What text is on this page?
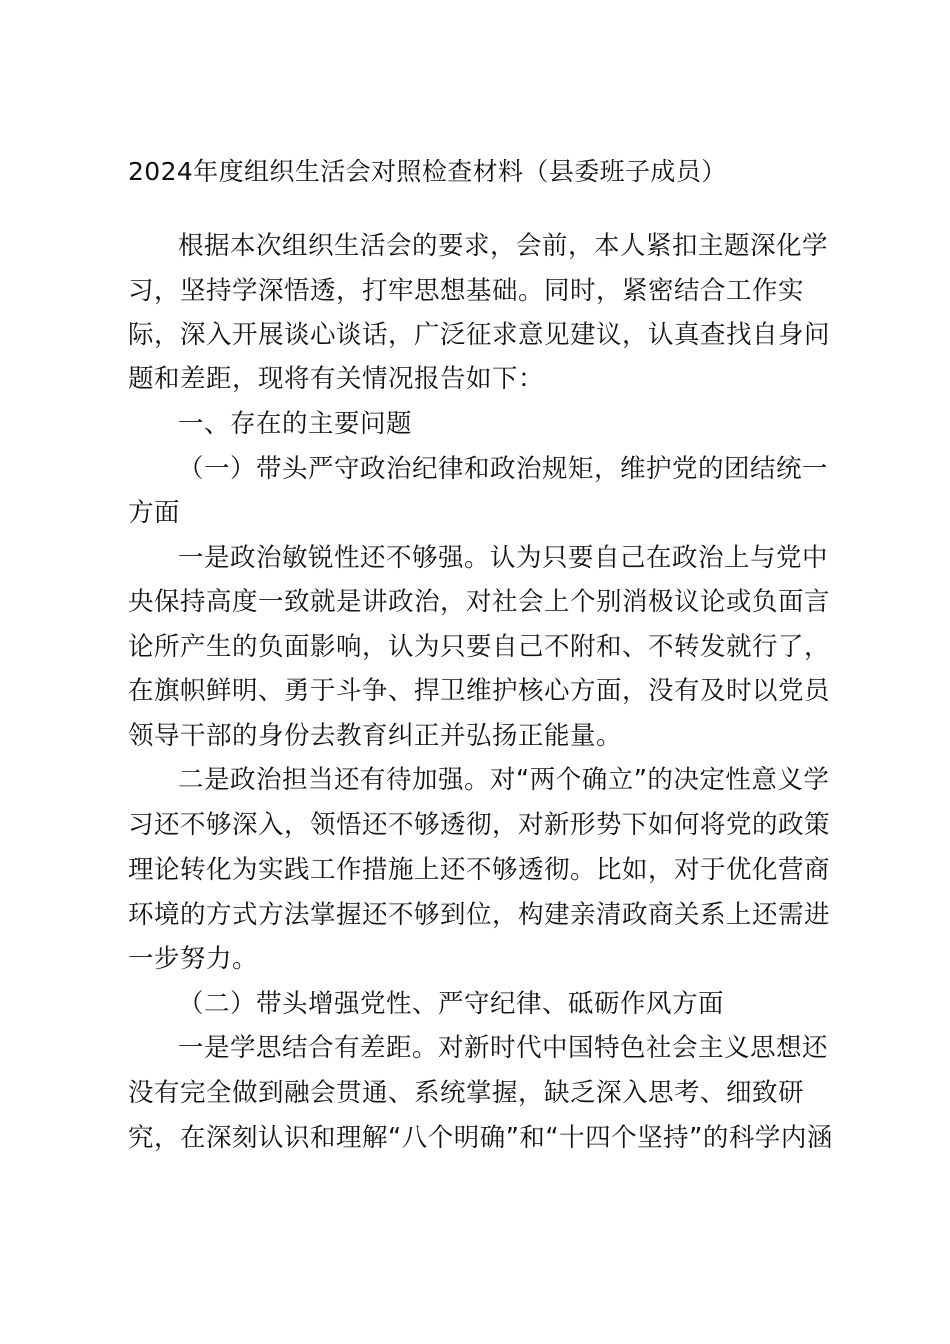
2024年度组织生活会对照检查材料（县委班子成员）

根据本次组织生活会的要求，会前，本人紧扣主题深化学

习，坚持学深悟透，打牢思想基础。同时，紧密结合工作实

际，深入开展谈心谈话，广泛征求意见建议，认真查找自身问

题和差距，现将有关情况报告如下：

一、存在的主要问题

（一）带头严守政治纪律和政治规矩，维护党的团结统一

方面

一是政治敏锐性还不够强。认为只要自己在政治上与党中

央保持高度一致就是讲政治，对社会上个别消极议论或负面言

论所产生的负面影响，认为只要自己不附和、不转发就行了，

在旗帜鲜明、勇于斗争、捍卫维护核心方面，没有及时以党员

领导干部的身份去教育纠正并弘扬正能量。

二是政治担当还有待加强。对“两个确立”的决定性意义学

习还不够深入，领悟还不够透彻，对新形势下如何将党的政策

理论转化为实践工作措施上还不够透彻。比如，对于优化营商

环境的方式方法掌握还不够到位，构建亲清政商关系上还需进

一步努力。

（二）带头增强党性、严守纪律、砥砺作风方面

一是学思结合有差距。对新时代中国特色社会主义思想还

没有完全做到融会贯通、系统掌握，缺乏深入思考、细致研

究，在深刻认识和理解“八个明确”和“十四个坚持”的科学内涵
